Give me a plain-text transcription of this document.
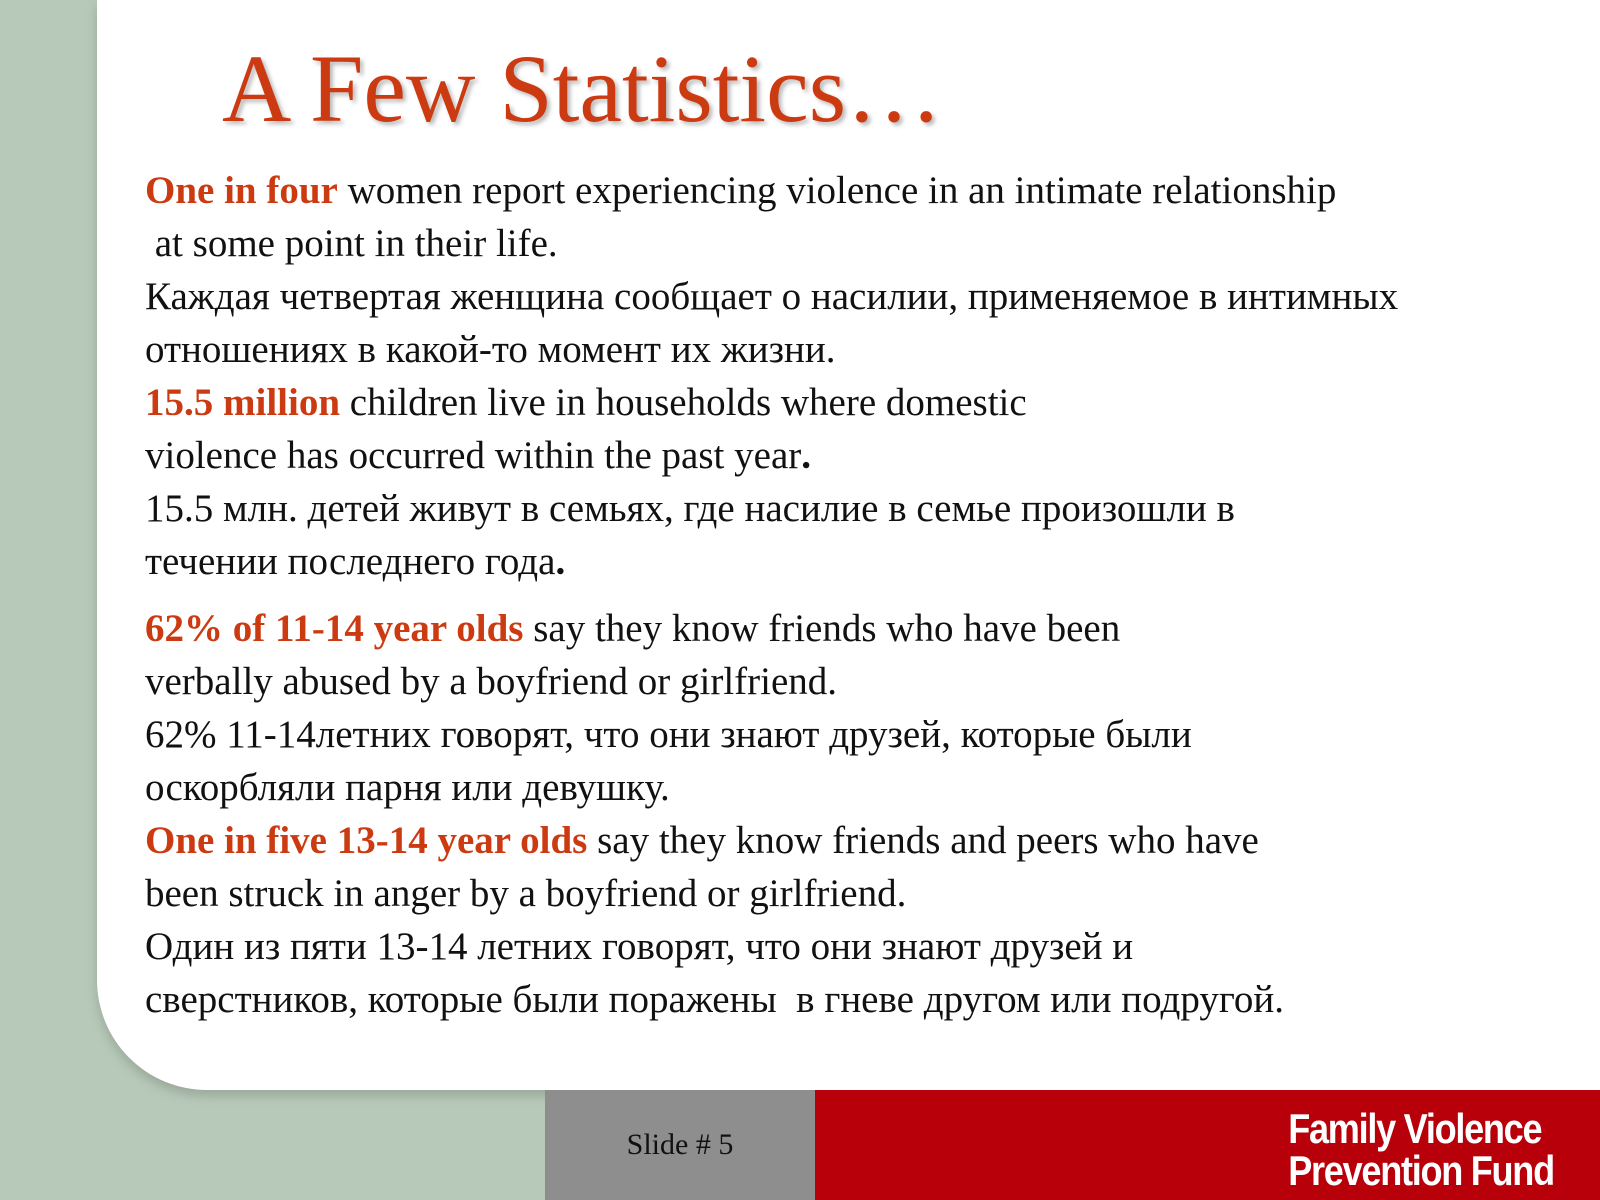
A Few Statistics…

One in four women report experiencing violence in an intimate relationship

at some point in their life.

Каждая четвертая женщина сообщает о насилии, применяемое в интимных

отношениях в какой-то момент их жизни.

15.5 million children live in households where domestic

violence has occurred within the past year.

15.5 млн. детей живут в семьях, где насилие в семье произошли в

течении последнего года.

62% of 11-14 year olds say they know friends who have been

verbally abused by a boyfriend or girlfriend.

62% 11-14летних говорят, что они знают друзей, которые были

оскорбляли парня или девушку.

One in five 13-14 year olds say they know friends and peers who have

been struck in anger by a boyfriend or girlfriend.

Один из пяти 13-14 летних говорят, что они знают друзей и

сверстников, которые были поражены  в гневе другом или подругой.

Slide # 5	Family Violence
Prevention Fund
